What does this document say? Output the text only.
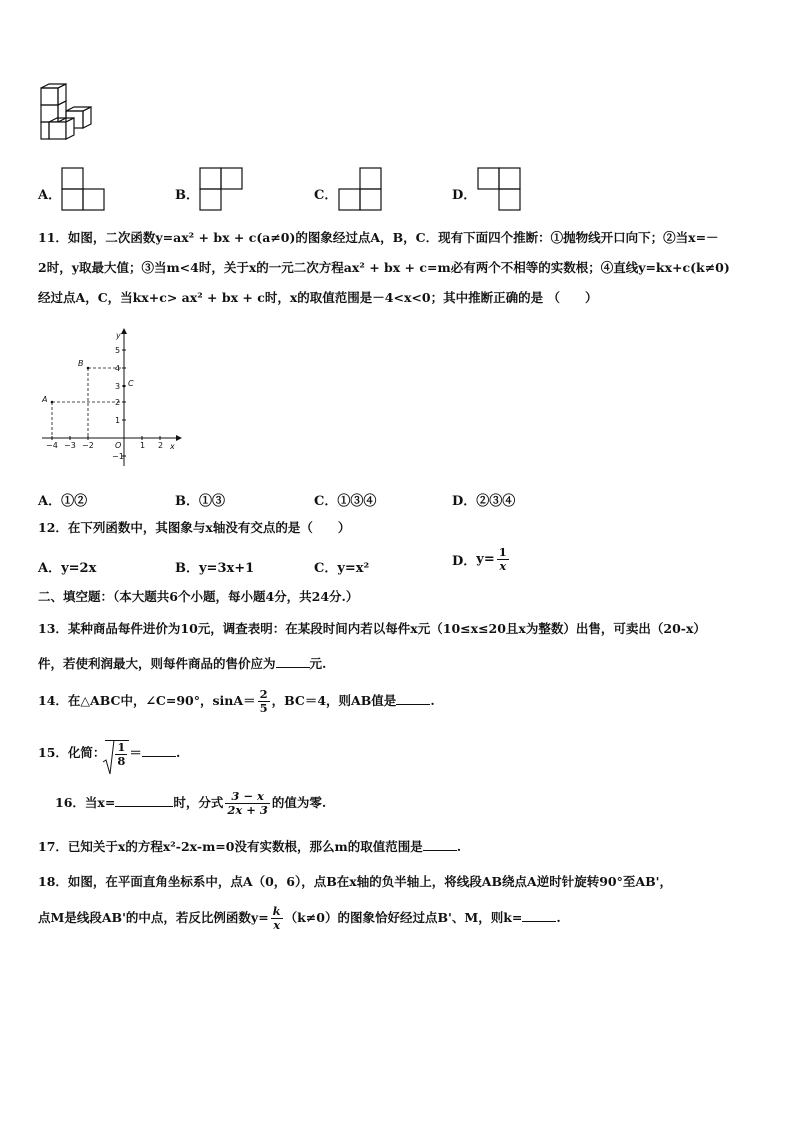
A．	B．	C．	D．
11．如图，二次函数y=ax² + bx + c(a≠0)的图象经过点A，B，C．现有下面四个推断：①抛物线开口向下；②当x=－
2时，y取最大值；③当m<4时，关于x的一元二次方程ax² + bx + c=m必有两个不相等的实数根；④直线y=kx+c(k≠0)
经过点A，C，当kx+c> ax² + bx + c时，x的取值范围是－4<x<0；其中推断正确的是 （　　）
y
x
O
A
B
C
−4 −3 −2	1 2
5
4
3
2
1
−1
A．①②	B．①③	C．①③④	D．②③④
12．在下列函数中，其图象与x轴没有交点的是（　　）
A．y=2x	B．y=3x+1	C．y=x²	D．$y= \frac{1}{x}$
二、填空题：（本大题共6个小题，每小题4分，共24分.）
13．某种商品每件进价为10元，调查表明：在某段时间内若以每件x元（10≤x≤20且x为整数）出售，可卖出（20-x）
件，若使利润最大，则每件商品的售价应为	元.
14．在△ABC中，∠C=90°，$\sin A= \frac{2}{5}$ ，BC＝4，则AB值是	.
15．化简： $\frac{1}{8}$ ＝	.
16．当x=	时，分式 $\frac{3 - x}{2x + 3}$ 的值为零.
17．已知关于x的方程x²-2x-m=0没有实数根，那么m的取值范围是	.
18．如图，在平面直角坐标系中，点A（0，6），点B在x轴的负半轴上，将线段AB绕点A逆时针旋转90°至AB'，
点M是线段AB'的中点，若反比例函数$y= \frac{k}{x} (k\ne 0)$的图象恰好经过点B'、M，则k=	.
